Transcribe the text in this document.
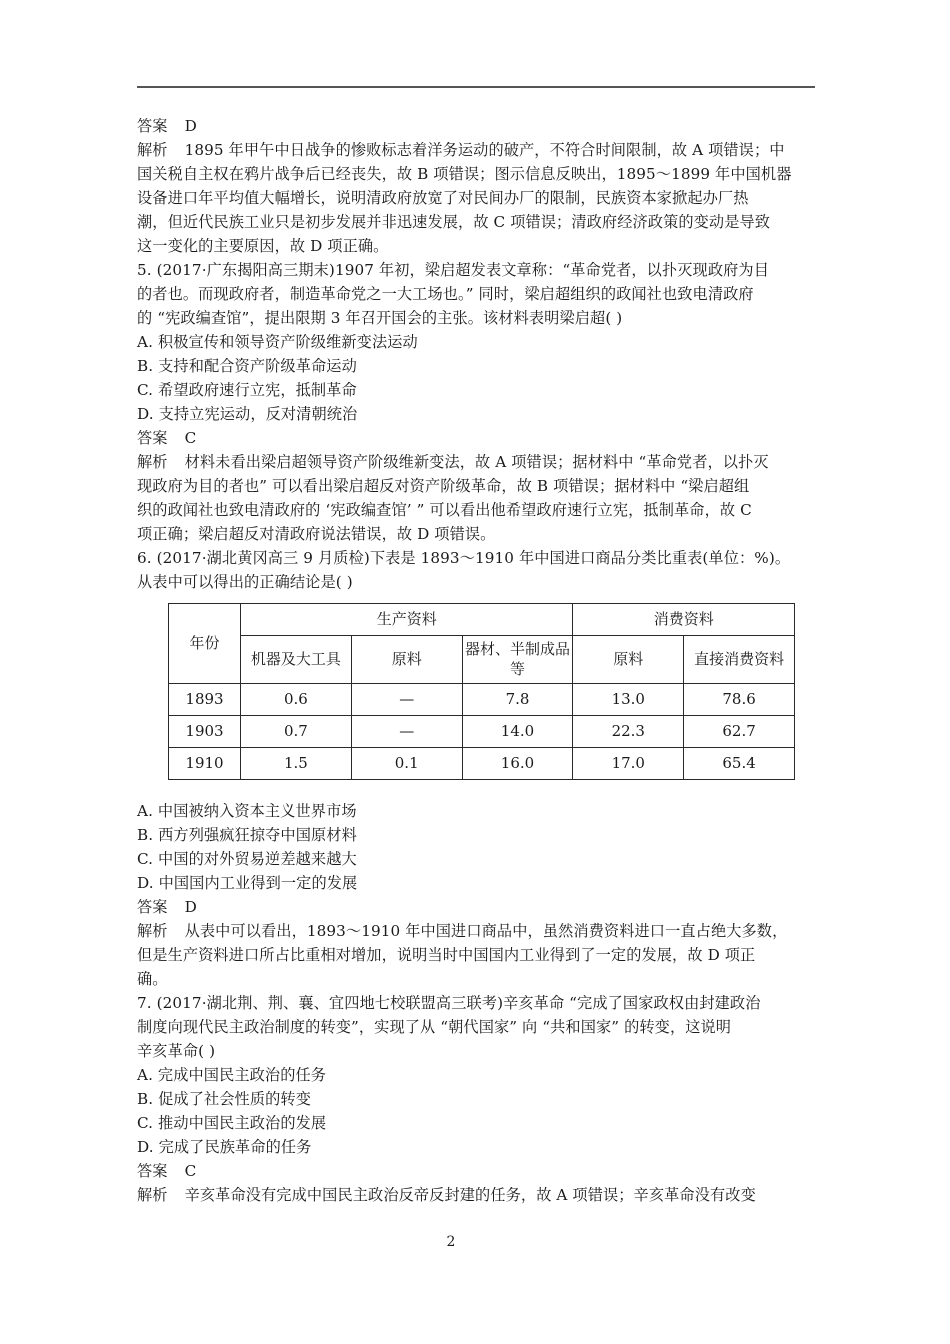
答案 D
解析 1895 年甲午中日战争的惨败标志着洋务运动的破产，不符合时间限制，故 A 项错误；中
国关税自主权在鸦片战争后已经丧失，故 B 项错误；图示信息反映出，1895～1899 年中国机器
设备进口年平均值大幅增长，说明清政府放宽了对民间办厂的限制，民族资本家掀起办厂热
潮，但近代民族工业只是初步发展并非迅速发展，故 C 项错误；清政府经济政策的变动是导致
这一变化的主要原因，故 D 项正确。
5. (2017·广东揭阳高三期末)1907 年初，梁启超发表文章称：“革命党者，以扑灭现政府为目
的者也。而现政府者，制造革命党之一大工场也。” 同时，梁启超组织的政闻社也致电清政府
的 “宪政编查馆”，提出限期 3 年召开国会的主张。该材料表明梁启超( )
A. 积极宣传和领导资产阶级维新变法运动
B. 支持和配合资产阶级革命运动
C. 希望政府速行立宪，抵制革命
D. 支持立宪运动，反对清朝统治
答案 C
解析 材料未看出梁启超领导资产阶级维新变法，故 A 项错误；据材料中 “革命党者，以扑灭
现政府为目的者也” 可以看出梁启超反对资产阶级革命，故 B 项错误；据材料中 “梁启超组
织的政闻社也致电清政府的 ‘宪政编查馆’ ” 可以看出他希望政府速行立宪，抵制革命，故 C
项正确；梁启超反对清政府说法错误，故 D 项错误。
6. (2017·湖北黄冈高三 9 月质检)下表是 1893～1910 年中国进口商品分类比重表(单位：%)。
从表中可以得出的正确结论是( )
年份	生产资料			消费资料	
	机器及大工具	原料	器材、半制成品等	原料	直接消费资料
1893	0.6	—	7.8	13.0	78.6
1903	0.7	—	14.0	22.3	62.7
1910	1.5	0.1	16.0	17.0	65.4
A. 中国被纳入资本主义世界市场
B. 西方列强疯狂掠夺中国原材料
C. 中国的对外贸易逆差越来越大
D. 中国国内工业得到一定的发展
答案 D
解析 从表中可以看出，1893～1910 年中国进口商品中，虽然消费资料进口一直占绝大多数，
但是生产资料进口所占比重相对增加，说明当时中国国内工业得到了一定的发展，故 D 项正
确。
7. (2017·湖北荆、荆、襄、宜四地七校联盟高三联考)辛亥革命 “完成了国家政权由封建政治
制度向现代民主政治制度的转变”，实现了从 “朝代国家” 向 “共和国家” 的转变，这说明
辛亥革命( )
A. 完成中国民主政治的任务
B. 促成了社会性质的转变
C. 推动中国民主政治的发展
D. 完成了民族革命的任务
答案 C
解析 辛亥革命没有完成中国民主政治反帝反封建的任务，故 A 项错误；辛亥革命没有改变
2
